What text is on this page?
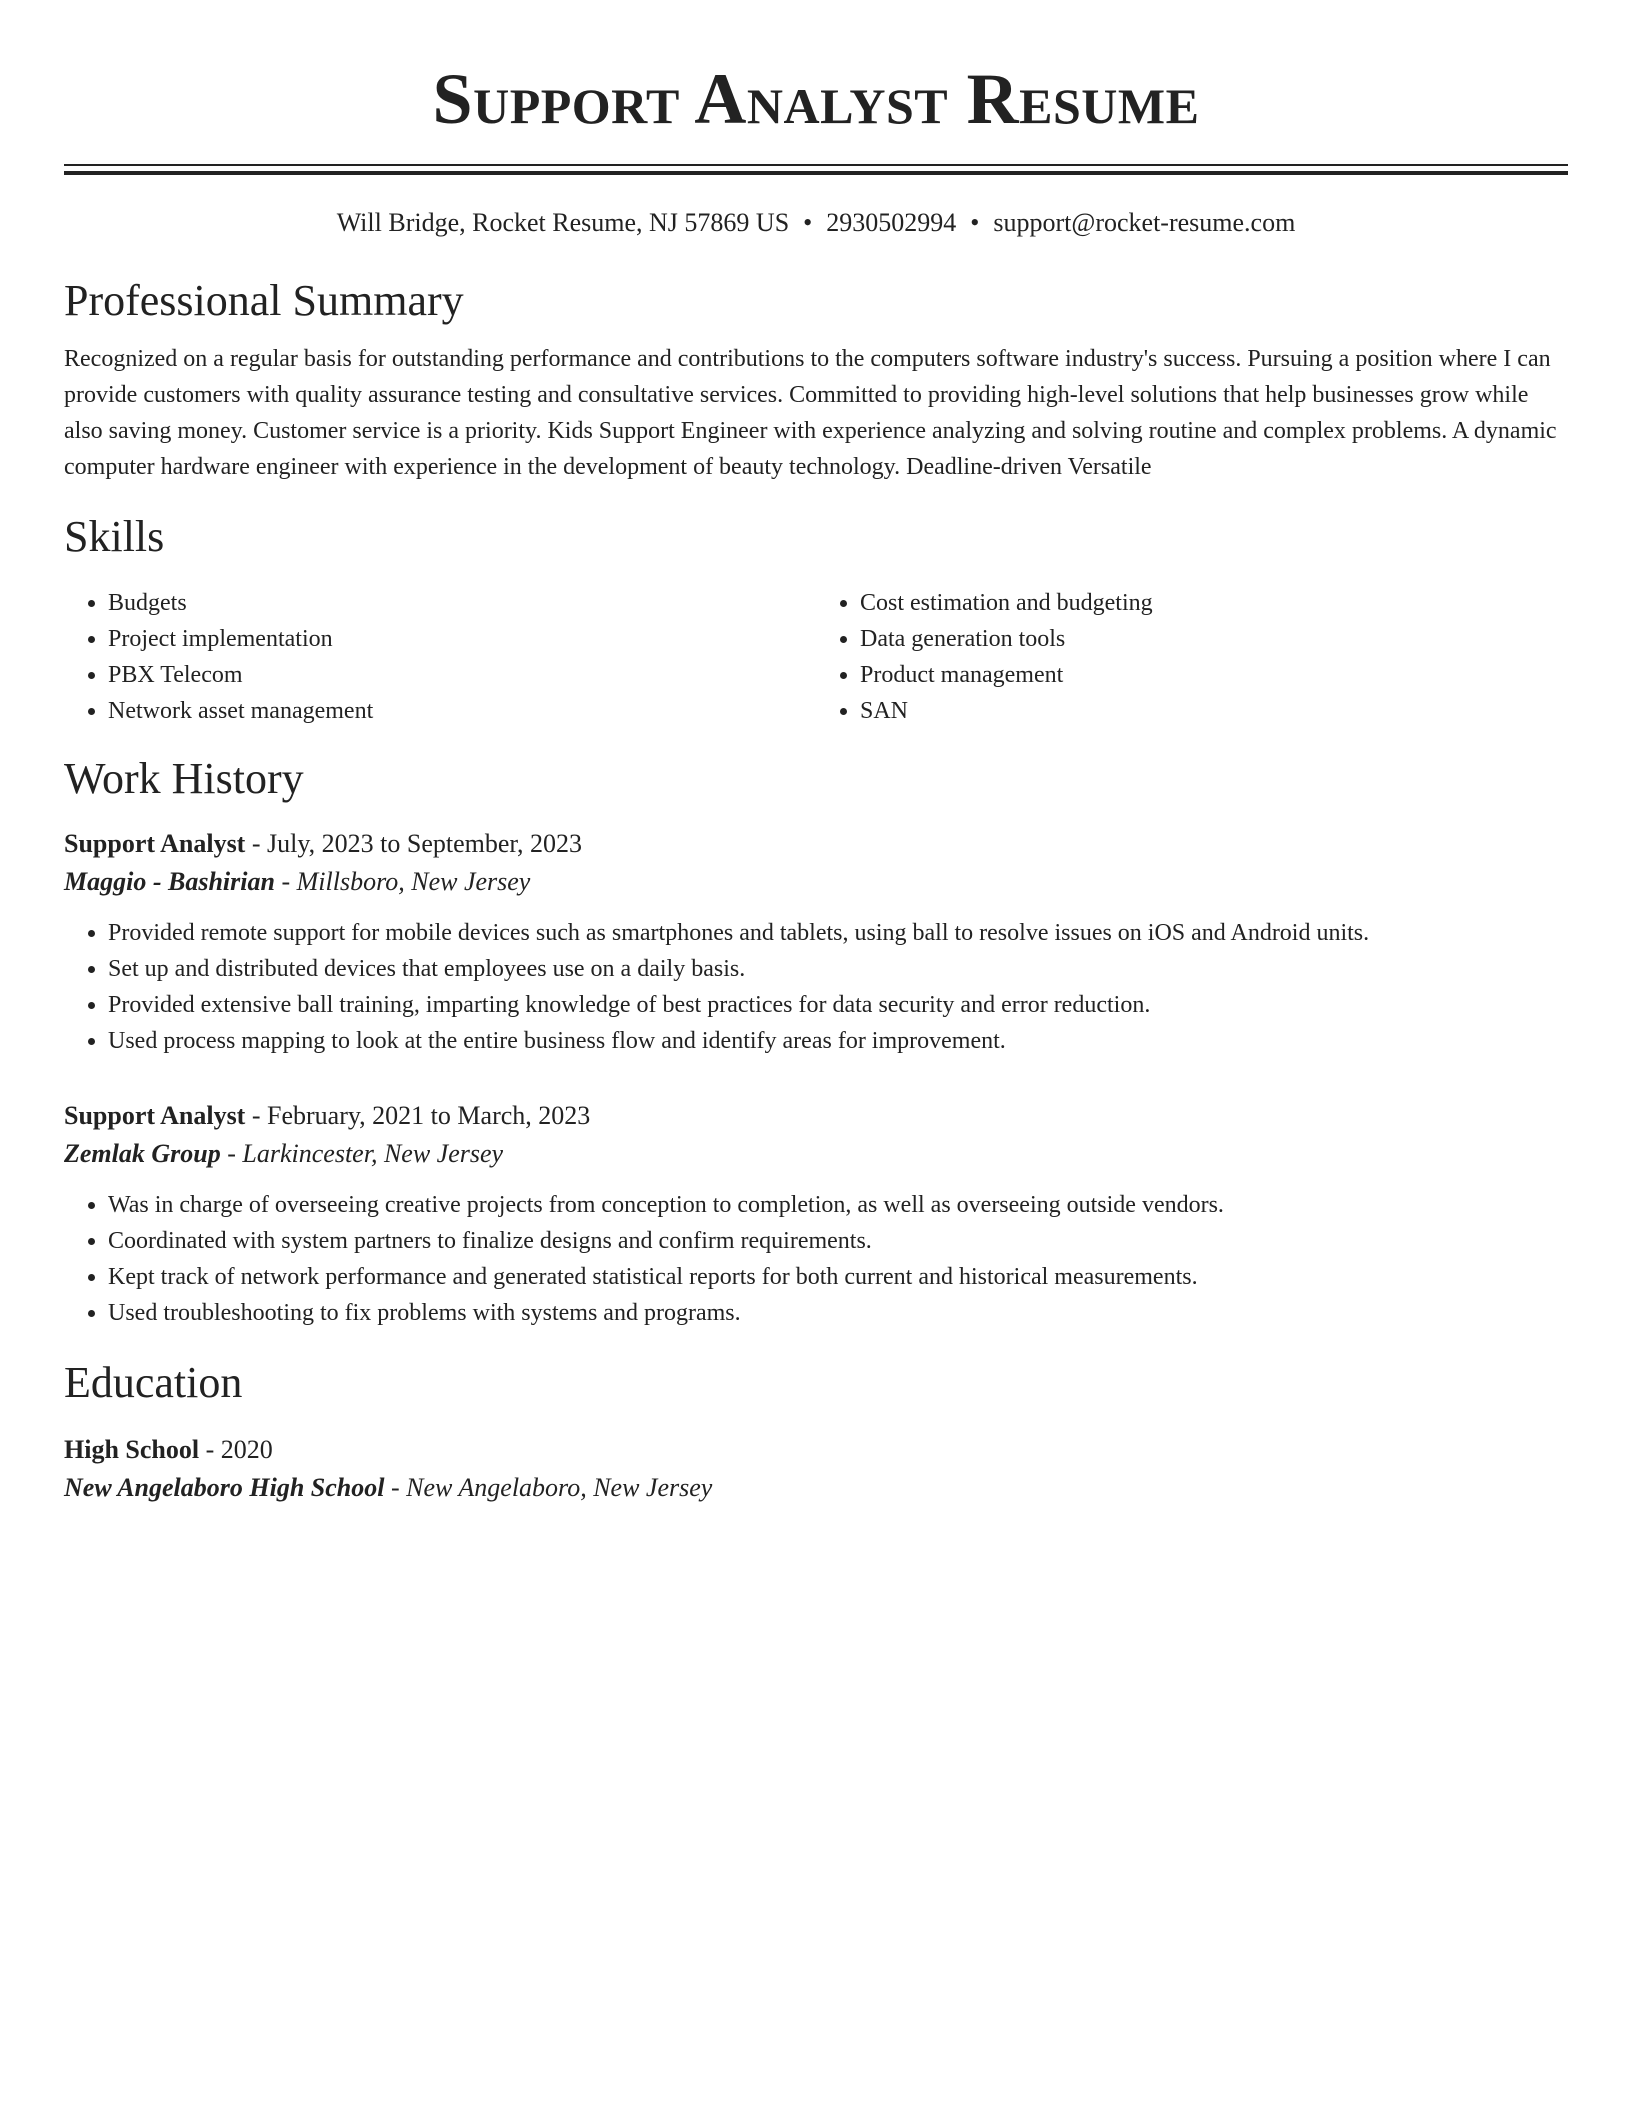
Support Analyst Resume
Will Bridge, Rocket Resume, NJ 57869 US • 2930502994 • support@rocket-resume.com
Professional Summary

Recognized on a regular basis for outstanding performance and contributions to the computers software industry's success. Pursuing a position where I can provide customers with quality assurance testing and consultative services. Committed to providing high-level solutions that help businesses grow while also saving money. Customer service is a priority. Kids Support Engineer with experience analyzing and solving routine and complex problems. A dynamic computer hardware engineer with experience in the development of beauty technology. Deadline-driven Versatile

Skills
• Budgets
• Project implementation
• PBX Telecom
• Network asset management
• Cost estimation and budgeting
• Data generation tools
• Product management
• SAN
Work History
Support Analyst - July, 2023 to September, 2023
Maggio - Bashirian - Millsboro, New Jersey
• Provided remote support for mobile devices such as smartphones and tablets, using ball to resolve issues on iOS and Android units.
• Set up and distributed devices that employees use on a daily basis.
• Provided extensive ball training, imparting knowledge of best practices for data security and error reduction.
• Used process mapping to look at the entire business flow and identify areas for improvement.
Support Analyst - February, 2021 to March, 2023
Zemlak Group - Larkincester, New Jersey
• Was in charge of overseeing creative projects from conception to completion, as well as overseeing outside vendors.
• Coordinated with system partners to finalize designs and confirm requirements.
• Kept track of network performance and generated statistical reports for both current and historical measurements.
• Used troubleshooting to fix problems with systems and programs.
Education
High School - 2020
New Angelaboro High School - New Angelaboro, New Jersey
